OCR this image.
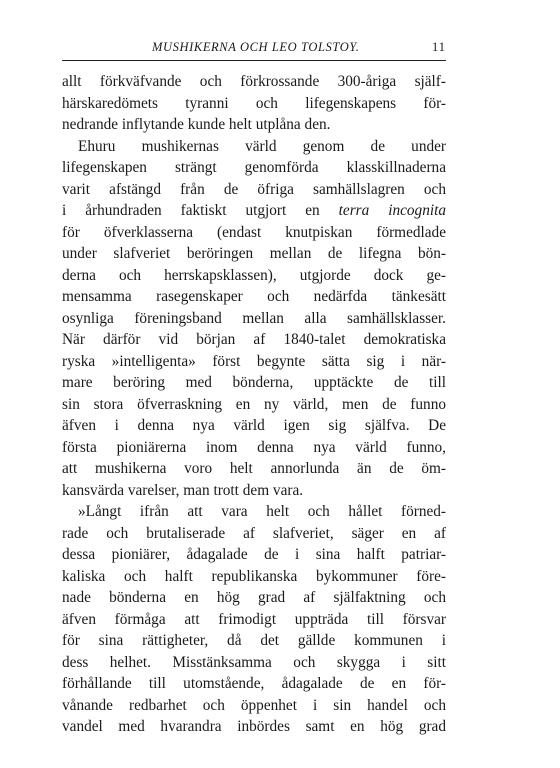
MUSHIKERNA OCH LEO TOLSTOY.	11
allt förkväfvande och förkrossande 300-åriga själf-
härskaredömets tyranni och lifegenskapens för-
nedrande inflytande kunde helt utplåna den.
Ehuru mushikernas värld genom de under
lifegenskapen strängt genomförda klasskillnaderna
varit afstängd från de öfriga samhällslagren och
i århundraden faktiskt utgjort en terra incognita
för öfverklasserna (endast knutpiskan förmedlade
under slafveriet beröringen mellan de lifegna bön-
derna och herrskapsklassen), utgjorde dock ge-
mensamma rasegenskaper och nedärfda tänkesätt
osynliga föreningsband mellan alla samhällsklasser.
När därför vid början af 1840-talet demokratiska
ryska »intelligenta» först begynte sätta sig i när-
mare beröring med bönderna, upptäckte de till
sin stora öfverraskning en ny värld, men de funno
äfven i denna nya värld igen sig själfva. De
första pioniärerna inom denna nya värld funno,
att mushikerna voro helt annorlunda än de öm-
kansvärda varelser, man trott dem vara.
»Långt ifrån att vara helt och hållet förned-
rade och brutaliserade af slafveriet, säger en af
dessa pioniärer, ådagalade de i sina halft patriar-
kaliska och halft republikanska bykommuner före-
nade bönderna en hög grad af själfaktning och
äfven förmåga att frimodigt uppträda till försvar
för sina rättigheter, då det gällde kommunen i
dess helhet. Misstänksamma och skygga i sitt
förhållande till utomstående, ådagalade de en för-
vånande redbarhet och öppenhet i sin handel och
vandel med hvarandra inbördes samt en hög grad
